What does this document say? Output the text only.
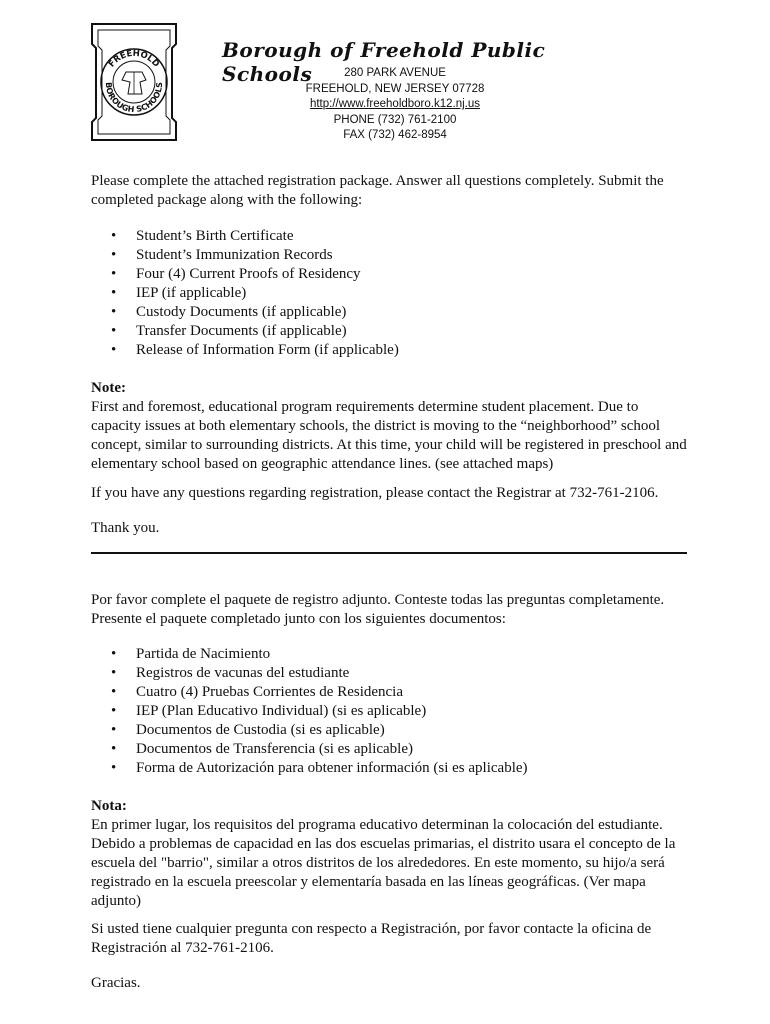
FREEHOLD
BOROUGH SCHOOLS
Borough of Freehold Public Schools	280 PARK AVENUE
FREEHOLD, NEW JERSEY 07728
http://www.freeholdboro.k12.nj.us
PHONE (732) 761-2100
FAX (732) 462-8954
Please complete the attached registration package. Answer all questions completely. Submit the completed package along with the following:
• Student’s Birth Certificate
• Student’s Immunization Records
• Four (4) Current Proofs of Residency
• IEP (if applicable)
• Custody Documents (if applicable)
• Transfer Documents (if applicable)
• Release of Information Form (if applicable)
Note:
First and foremost, educational program requirements determine student placement. Due to capacity issues at both elementary schools, the district is moving to the “neighborhood” school concept, similar to surrounding districts. At this time, your child will be registered in preschool and elementary school based on geographic attendance lines. (see attached maps)
If you have any questions regarding registration, please contact the Registrar at 732-761-2106.
Thank you.
Por favor complete el paquete de registro adjunto. Conteste todas las preguntas completamente. Presente el paquete completado junto con los siguientes documentos:
• Partida de Nacimiento
• Registros de vacunas del estudiante
• Cuatro (4) Pruebas Corrientes de Residencia
• IEP (Plan Educativo Individual) (si es aplicable)
• Documentos de Custodia (si es aplicable)
• Documentos de Transferencia (si es aplicable)
• Forma de Autorización para obtener información (si es aplicable)
Nota:
En primer lugar, los requisitos del programa educativo determinan la colocación del estudiante. Debido a problemas de capacidad en las dos escuelas primarias, el distrito usara el concepto de la escuela del "barrio", similar a otros distritos de los alrededores. En este momento, su hijo/a será registrado en la escuela preescolar y elementaría basada en las líneas geográficas. (Ver mapa adjunto)
Si usted tiene cualquier pregunta con respecto a Registración, por favor contacte la oficina de Registración al 732-761-2106.
Gracias.
